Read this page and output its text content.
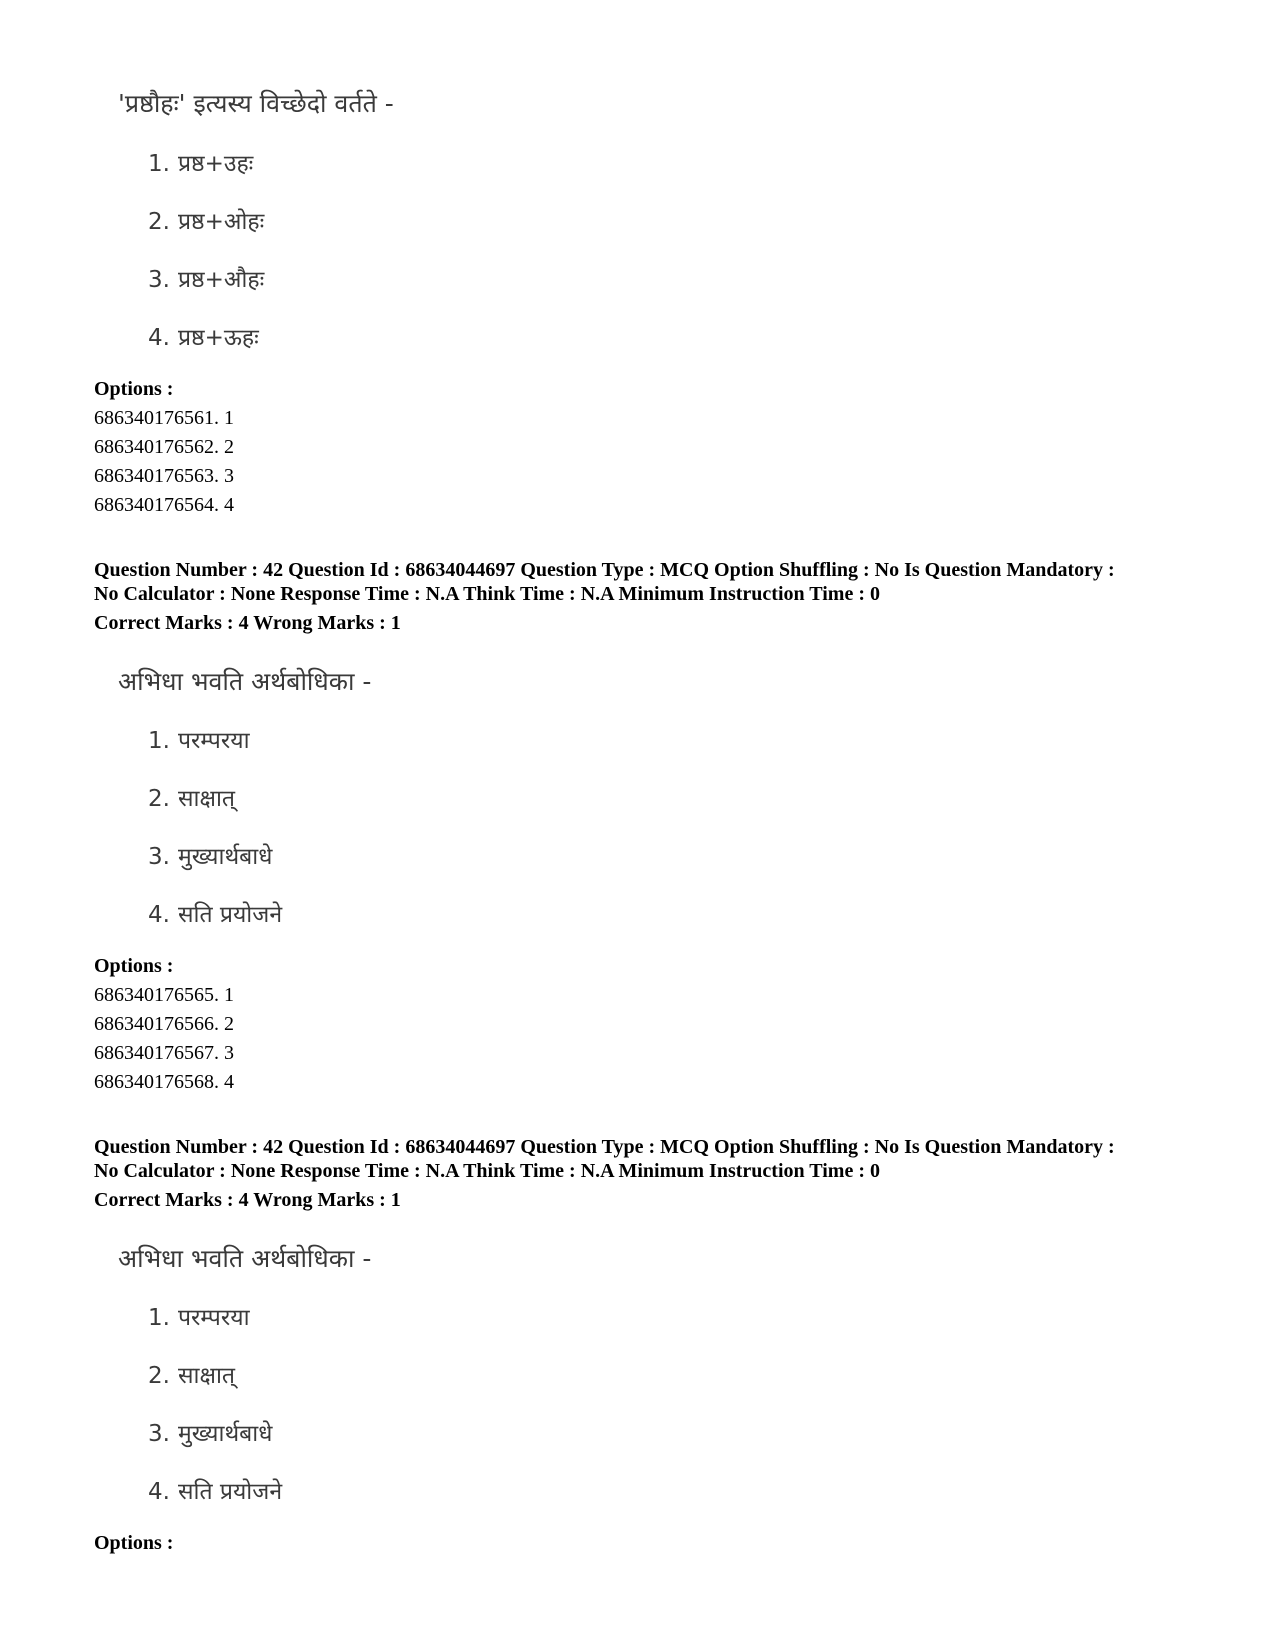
'प्रष्ठौहः' इत्यस्य विच्छेदो वर्तते -
1. प्रष्ठ+उहः
2. प्रष्ठ+ओहः
3. प्रष्ठ+औहः
4. प्रष्ठ+ऊहः
Options :
686340176561. 1
686340176562. 2
686340176563. 3
686340176564. 4
Question Number : 42 Question Id : 68634044697 Question Type : MCQ Option Shuffling : No Is Question Mandatory :
No Calculator : None Response Time : N.A Think Time : N.A Minimum Instruction Time : 0
Correct Marks : 4 Wrong Marks : 1
अभिधा भवति अर्थबोधिका -
1. परम्परया
2. साक्षात्
3. मुख्यार्थबाधे
4. सति प्रयोजने
Options :
686340176565. 1
686340176566. 2
686340176567. 3
686340176568. 4
Question Number : 42 Question Id : 68634044697 Question Type : MCQ Option Shuffling : No Is Question Mandatory :
No Calculator : None Response Time : N.A Think Time : N.A Minimum Instruction Time : 0
Correct Marks : 4 Wrong Marks : 1
अभिधा भवति अर्थबोधिका -
1. परम्परया
2. साक्षात्
3. मुख्यार्थबाधे
4. सति प्रयोजने
Options :
